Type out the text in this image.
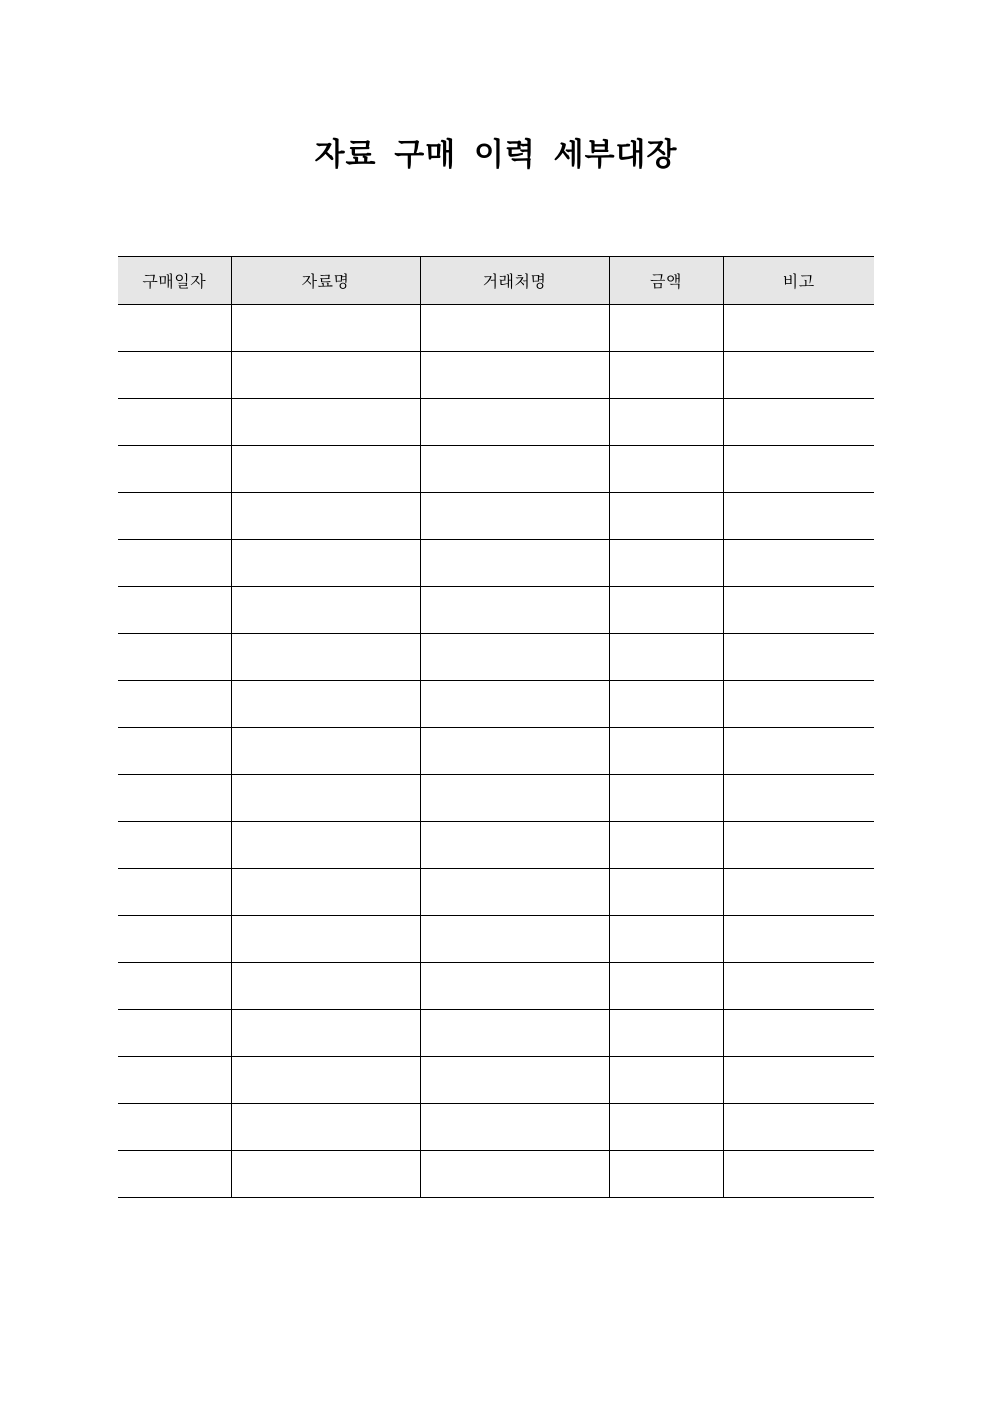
자료 구매 이력 세부대장
구매일자	자료명	거래처명	금액	비고
